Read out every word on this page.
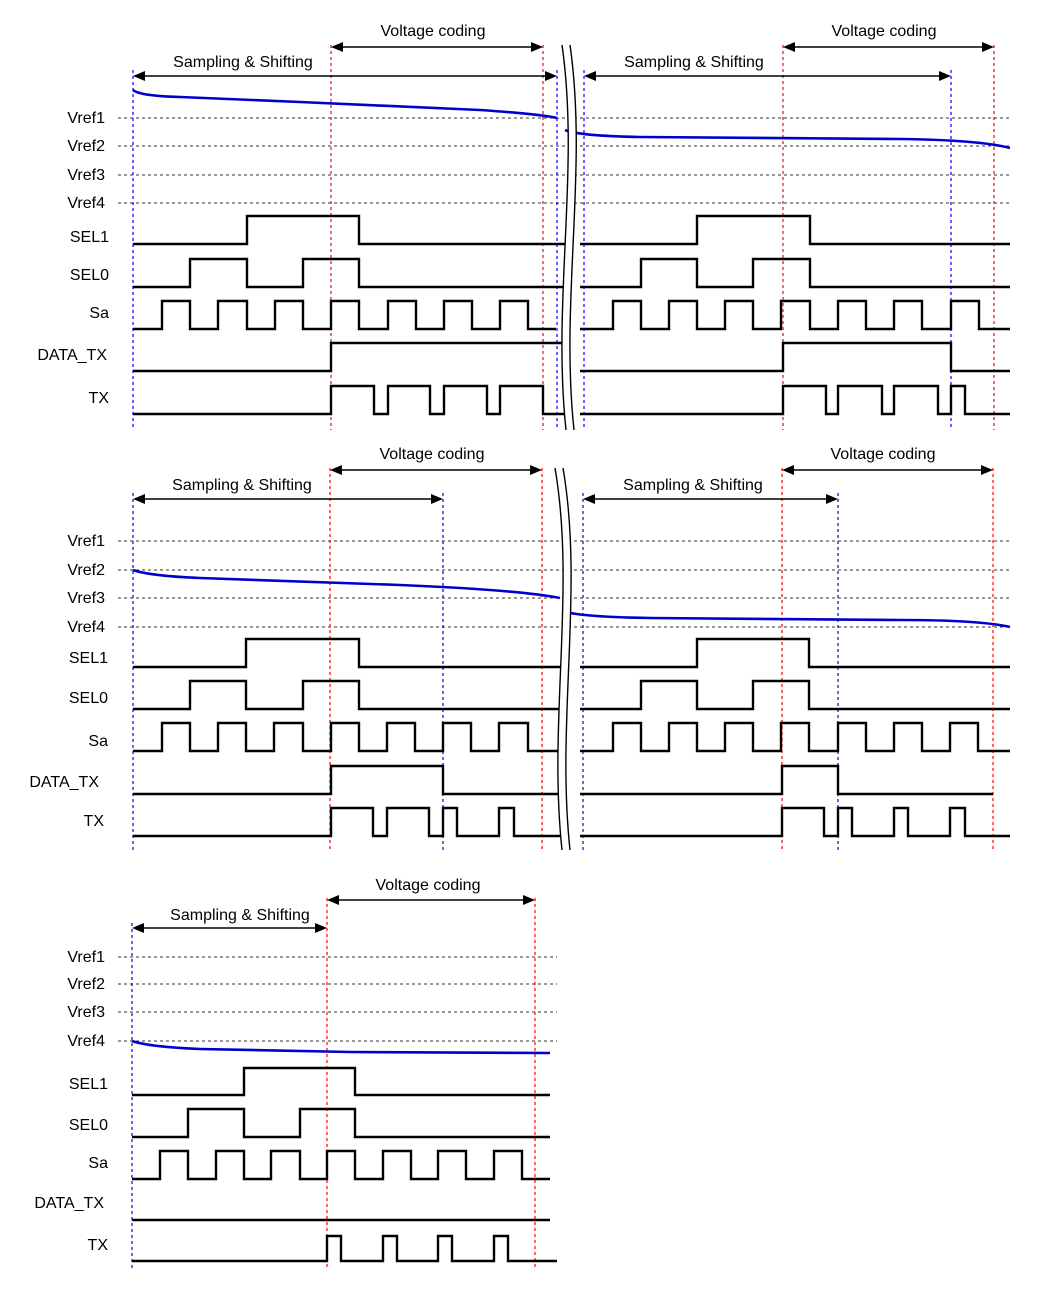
Vref1
Vref2
Vref3
Vref4
SEL1
SEL0
Sa
DATA_TX
TX
Voltage coding
Sampling & Shifting
Voltage coding
Sampling & Shifting
Vref1
Vref2
Vref3
Vref4
SEL1
SEL0
Sa
DATA_TX
TX
Voltage coding
Sampling & Shifting
Voltage coding
Sampling & Shifting
Vref1
Vref2
Vref3
Vref4
SEL1
SEL0
Sa
DATA_TX
TX
Voltage coding
Sampling & Shifting
